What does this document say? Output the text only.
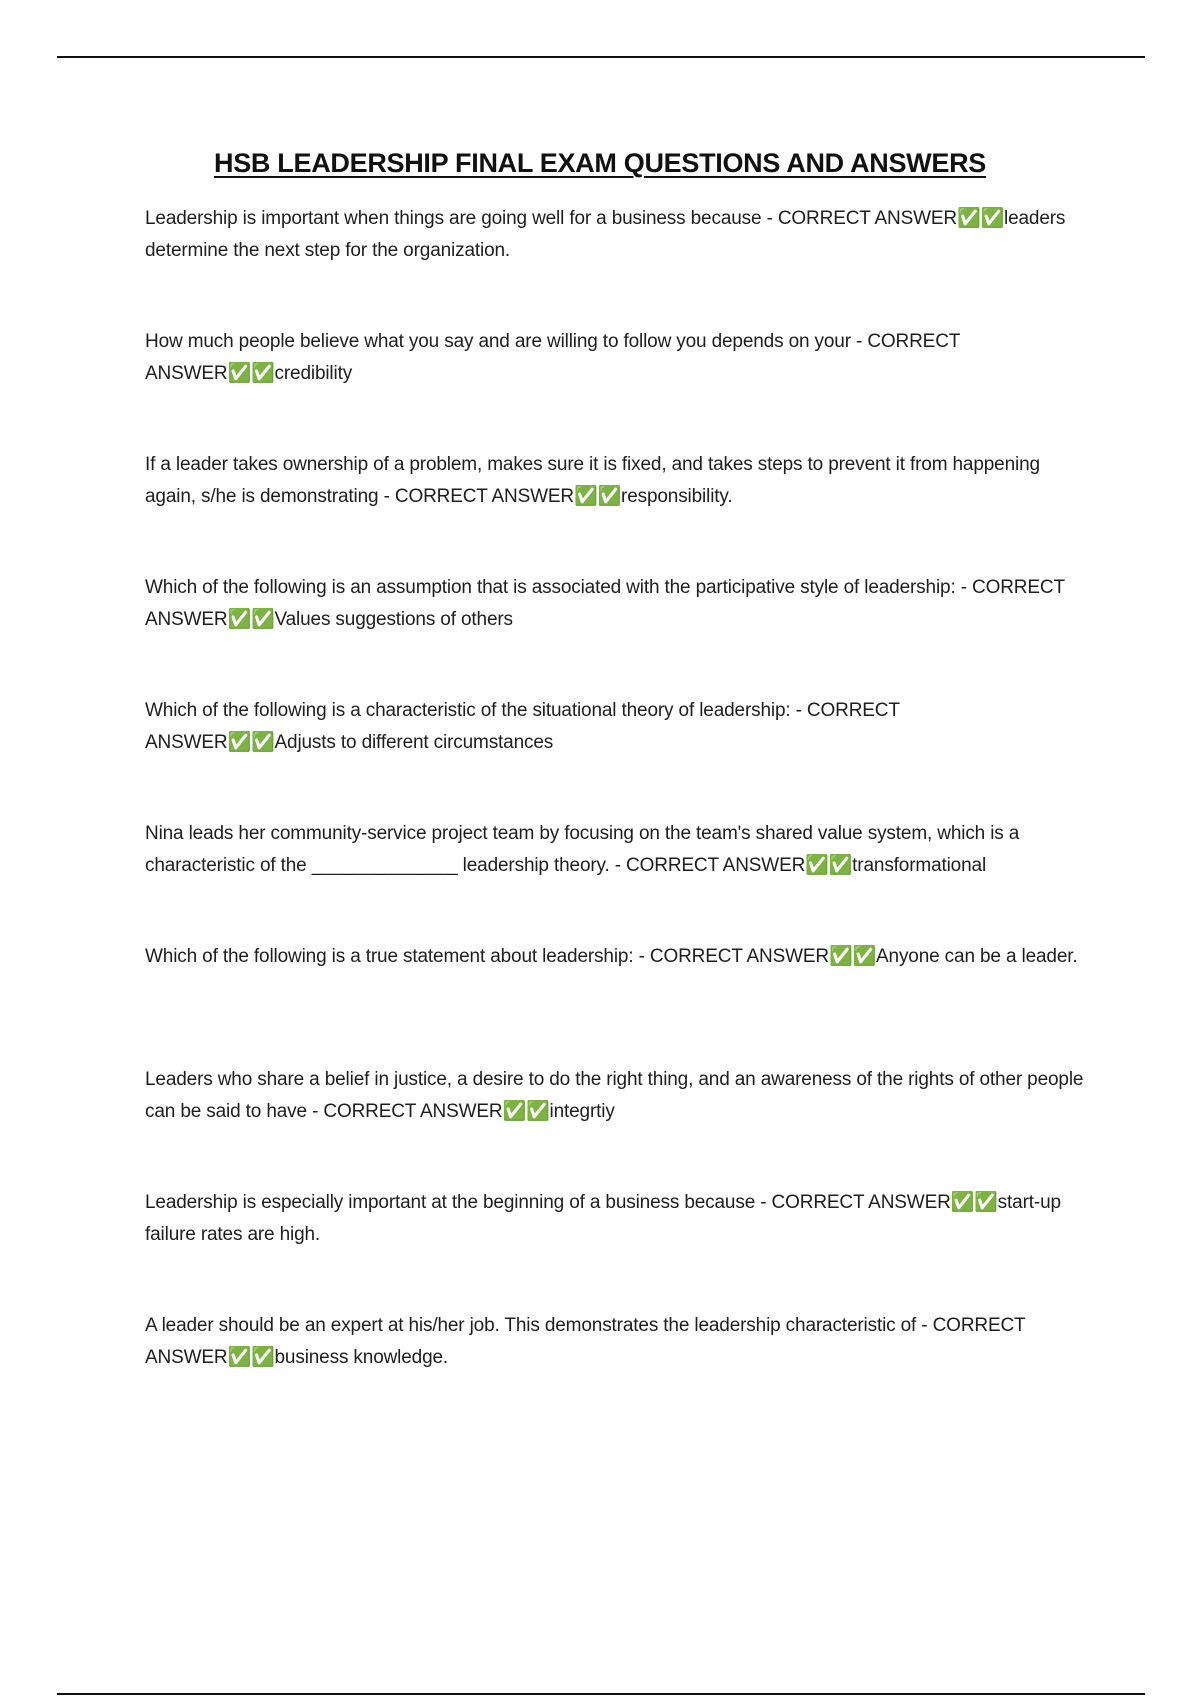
HSB LEADERSHIP FINAL EXAM QUESTIONS AND ANSWERS
Leadership is important when things are going well for a business because - CORRECT ANSWER✅✅leaders determine the next step for the organization.
How much people believe what you say and are willing to follow you depends on your - CORRECT ANSWER✅✅credibility
If a leader takes ownership of a problem, makes sure it is fixed, and takes steps to prevent it from happening again, s/he is demonstrating - CORRECT ANSWER✅✅responsibility.
Which of the following is an assumption that is associated with the participative style of leadership: - CORRECT ANSWER✅✅Values suggestions of others
Which of the following is a characteristic of the situational theory of leadership: - CORRECT ANSWER✅✅Adjusts to different circumstances
Nina leads her community-service project team by focusing on the team's shared value system, which is a characteristic of the ______________ leadership theory. - CORRECT ANSWER✅✅transformational
Which of the following is a true statement about leadership: - CORRECT ANSWER✅✅Anyone can be a leader.
Leaders who share a belief in justice, a desire to do the right thing, and an awareness of the rights of other people can be said to have - CORRECT ANSWER✅✅integrtiy
Leadership is especially important at the beginning of a business because - CORRECT ANSWER✅✅start-up failure rates are high.
A leader should be an expert at his/her job. This demonstrates the leadership characteristic of - CORRECT ANSWER✅✅business knowledge.
